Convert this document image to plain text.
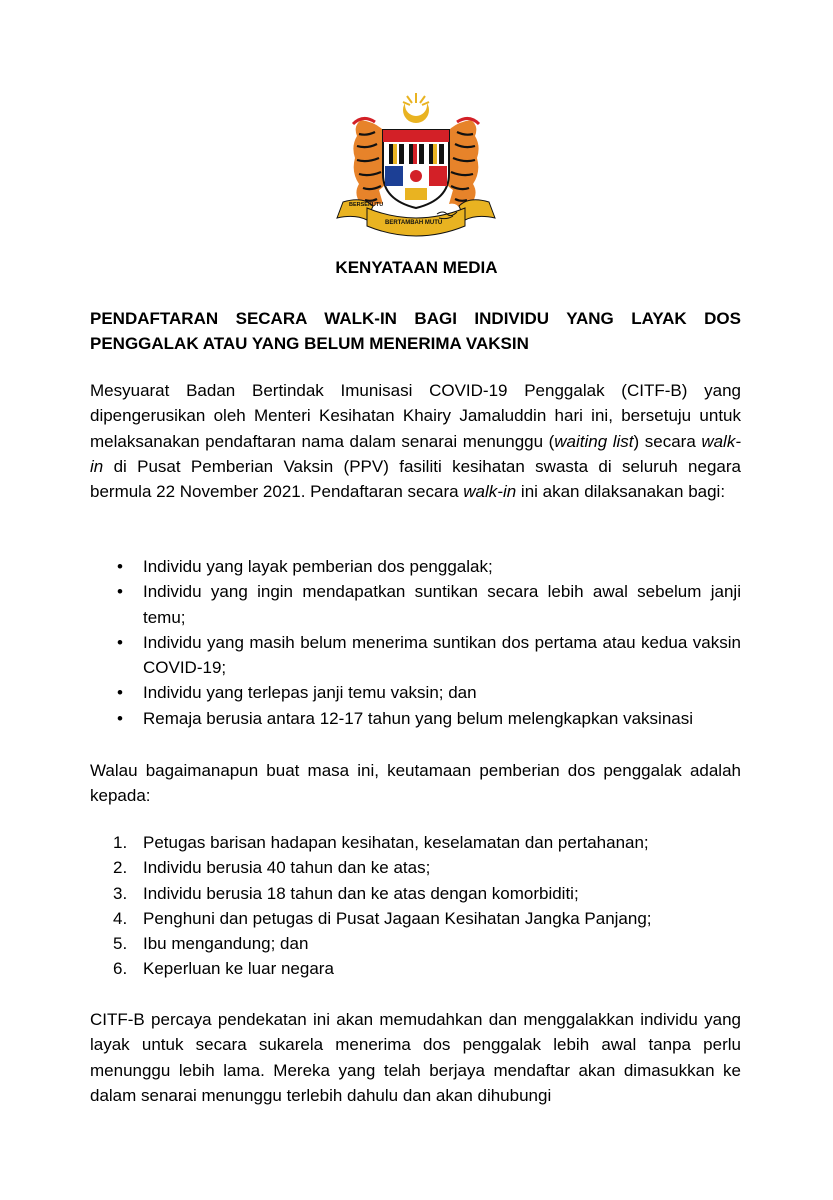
BERSEKUTU
BERTAMBAH MUTU
KENYATAAN MEDIA
PENDAFTARAN SECARA WALK-IN BAGI INDIVIDU YANG LAYAK DOS PENGGALAK ATAU YANG BELUM MENERIMA VAKSIN

Mesyuarat Badan Bertindak Imunisasi COVID-19 Penggalak (CITF-B) yang dipengerusikan oleh Menteri Kesihatan Khairy Jamaluddin hari ini, bersetuju untuk melaksanakan pendaftaran nama dalam senarai menunggu (waiting list) secara walk-in di Pusat Pemberian Vaksin (PPV) fasiliti kesihatan swasta di seluruh negara bermula 22 November 2021. Pendaftaran secara walk-in ini akan dilaksanakan bagi:

• Individu yang layak pemberian dos penggalak;
• Individu yang ingin mendapatkan suntikan secara lebih awal sebelum janji temu;
• Individu yang masih belum menerima suntikan dos pertama atau kedua vaksin COVID-19;
• Individu yang terlepas janji temu vaksin; dan
• Remaja berusia antara 12-17 tahun yang belum melengkapkan vaksinasi

Walau bagaimanapun buat masa ini, keutamaan pemberian dos penggalak adalah kepada:

1. Petugas barisan hadapan kesihatan, keselamatan dan pertahanan;
2. Individu berusia 40 tahun dan ke atas;
3. Individu berusia 18 tahun dan ke atas dengan komorbiditi;
4. Penghuni dan petugas di Pusat Jagaan Kesihatan Jangka Panjang;
5. Ibu mengandung; dan
6. Keperluan ke luar negara

CITF-B percaya pendekatan ini akan memudahkan dan menggalakkan individu yang layak untuk secara sukarela menerima dos penggalak lebih awal tanpa perlu menunggu lebih lama. Mereka yang telah berjaya mendaftar akan dimasukkan ke dalam senarai menunggu terlebih dahulu dan akan dihubungi
